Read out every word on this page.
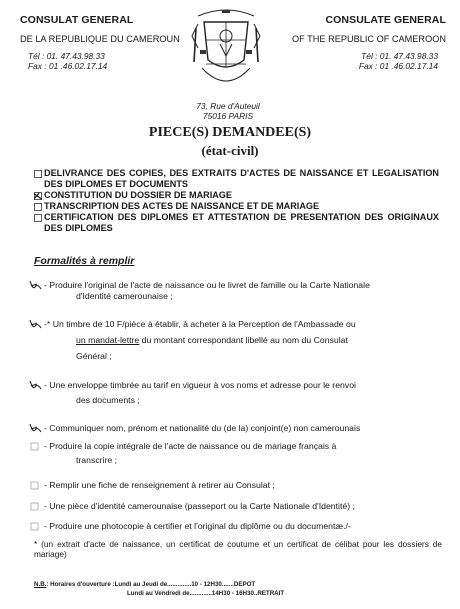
CONSULAT GENERAL
DE LA REPUBLIQUE DU CAMEROUN
Tél : 01. 47.43.98.33
Fax : 01 .46.02.17.14
CONSULATE GENERAL
OF THE REPUBLIC OF CAMEROON
Tél : 01. 47.43.98.33
Fax : 01 .46.02.17.14
73, Rue d'Auteuil
75016 PARIS
PIECE(S) DEMANDEE(S)
(état-civil)
DELIVRANCE DES COPIES, DES EXTRAITS D'ACTES DE NAISSANCE ET LEGALISATION DES DIPLOMES ET DOCUMENTS
CONSTITUTION DU DOSSIER DE MARIAGE
TRANSCRIPTION DES ACTES DE NAISSANCE ET DE MARIAGE
CERTIFICATION DES DIPLOMES ET ATTESTATION DE PRESENTATION DES ORIGINAUX DES DIPLOMES
Formalités à remplir
- Produire l'original de l'acte de naissance ou le livret de famille ou la Carte Nationale
d'Identité camerounaise ;
-* Un timbre de 10 F/pièce à établir, à acheter à la Perception de l'Ambassade ou
un mandat-lettre du montant correspondant libellé au nom du Consulat
Général ;
- Une enveloppe timbrée au tarif en vigueur à vos noms et adresse pour le renvoi
des documents ;
- Communiquer nom, prénom et nationalité du (de la) conjoint(e) non camerounais
- Produire la copie intégrale de l'acte de naissance ou de mariage français à
transcrire ;
- Remplir une fiche de renseignement à retirer au Consulat ;
- Une pièce d'identité camerounaise (passeport ou la Carte Nationale d'Identité) ;
- Produire une photocopie à certifier et l'original du diplôme ou du documentæ./-
* (un extrait d'acte de naissance, un certificat de coutume et un certificat de célibat pour les dossiers de mariage)
N.B.: Horaires d'ouverture :Lundi au Jeudi de..............10 - 12H30.......DEPOT
Lundi au Vendredi de.............14H30 - 16H30..RETRAIT
